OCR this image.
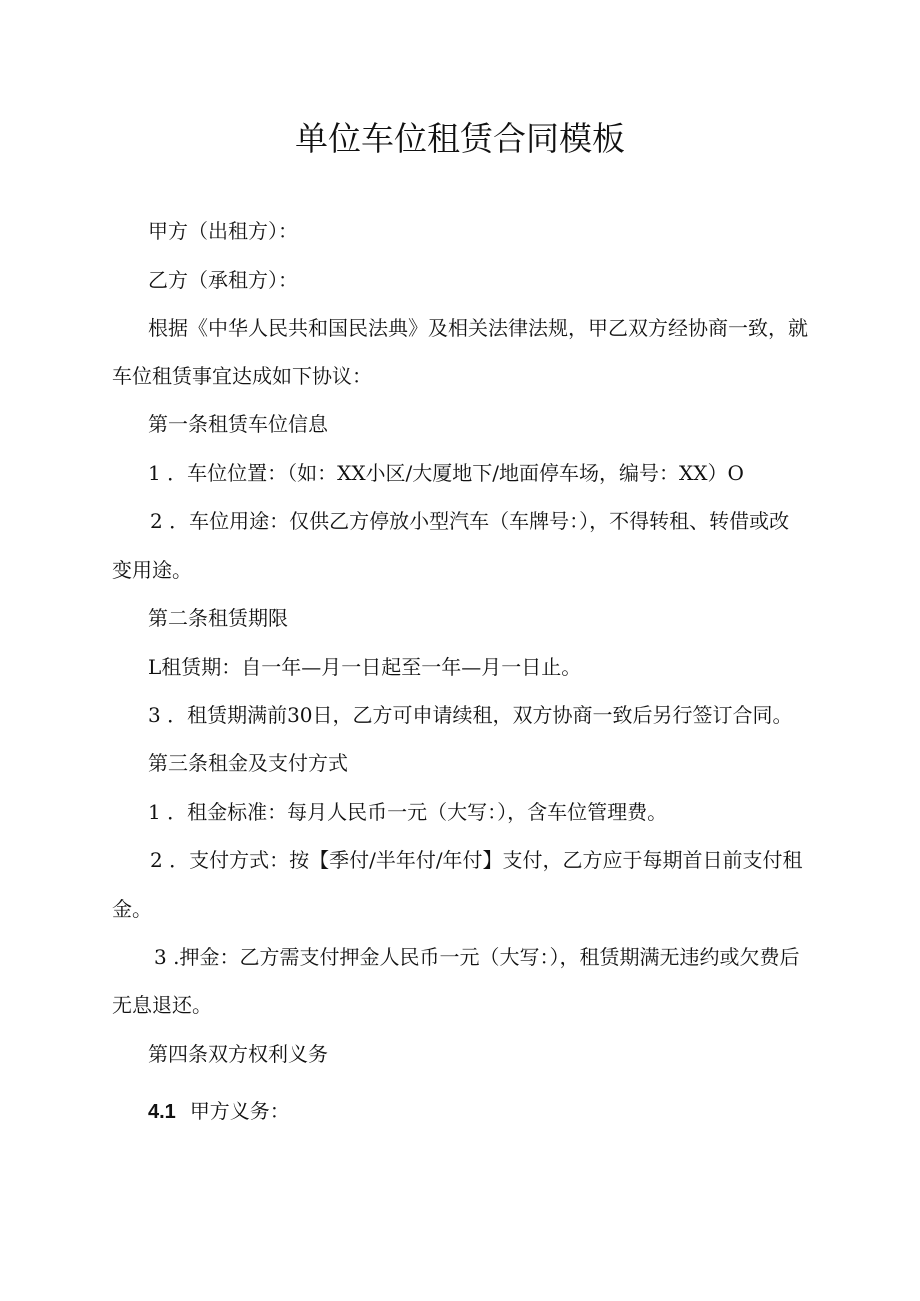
单位车位租赁合同模板
甲方（出租方）：
乙方（承租方）：
根据《中华人民共和国民法典》及相关法律法规，甲乙双方经协商一致，就
车位租赁事宜达成如下协议：
第一条租赁车位信息
1 ．车位位置：（如：XX小区/大厦地下/地面停车场，编号：XX）O
2 ．车位用途：仅供乙方停放小型汽车（车牌号：），不得转租、转借或改
变用途。
第二条租赁期限
L租赁期：自一年—月一日起至一年—月一日止。
3 ．租赁期满前30日，乙方可申请续租，双方协商一致后另行签订合同。
第三条租金及支付方式
1 ．租金标准：每月人民币一元（大写：），含车位管理费。
2 ．支付方式：按【季付/半年付/年付】支付，乙方应于每期首日前支付租
金。
3 .押金：乙方需支付押金人民币一元（大写：），租赁期满无违约或欠费后
无息退还。
第四条双方权利义务
4.1 甲方义务：
